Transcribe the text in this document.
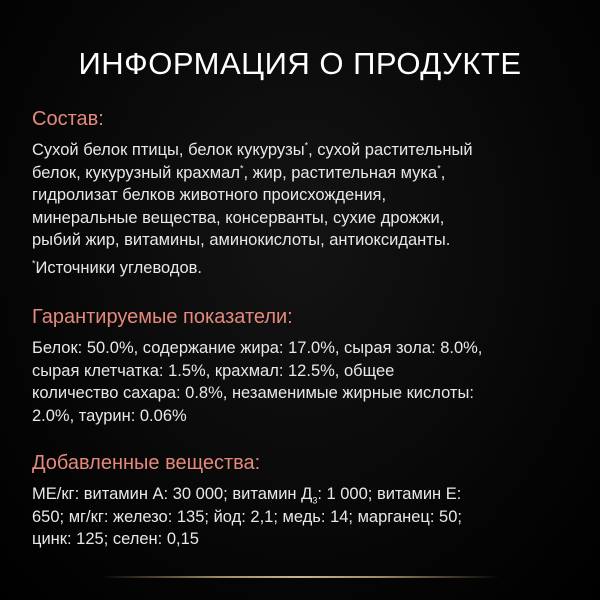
ИНФОРМАЦИЯ О ПРОДУКТЕ
Состав:
Сухой белок птицы, белок кукурузы*, сухой растительный
белок, кукурузный крахмал*, жир, растительная мука*,
гидролизат белков животного происхождения,
минеральные вещества, консерванты, сухие дрожжи,
рыбий жир, витамины, аминокислоты, антиоксиданты.
*Источники углеводов.
Гарантируемые показатели:
Белок: 50.0%, содержание жира: 17.0%, сырая зола: 8.0%,
сырая клетчатка: 1.5%, крахмал: 12.5%, общее
количество сахара: 0.8%, незаменимые жирные кислоты:
2.0%, таурин: 0.06%
Добавленные вещества:
МЕ/кг: витамин А: 30 000; витамин $Д_3$: 1 000; витамин Е:
650; мг/кг: железо: 135; йод: 2,1; медь: 14; марганец: 50;
цинк: 125; селен: 0,15
